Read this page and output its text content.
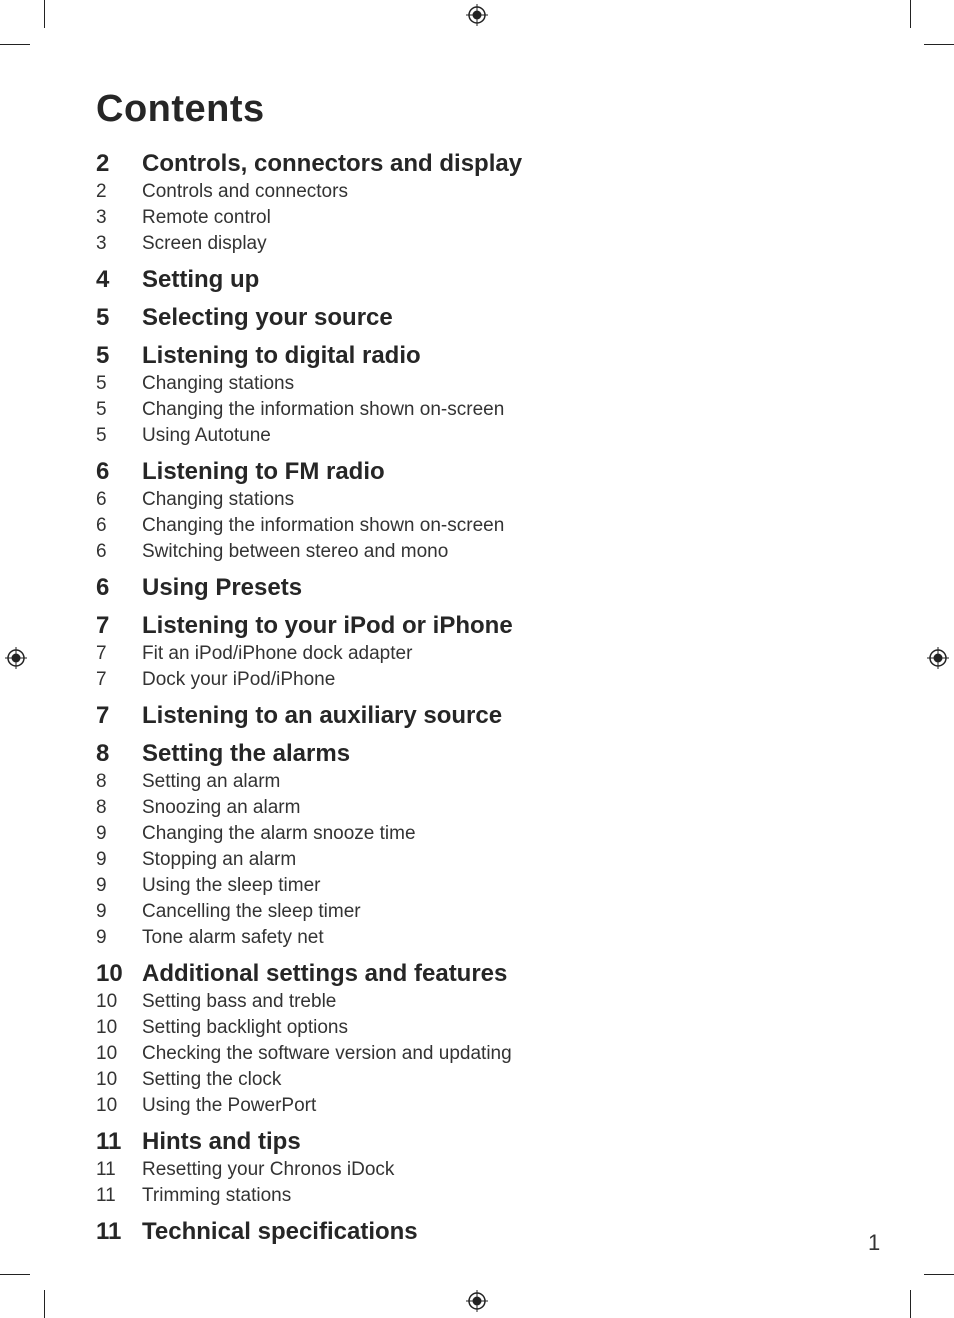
Contents
2	Controls, connectors and display
2	Controls and connectors
3	Remote control
3	Screen display
4	Setting up
5	Selecting your source
5	Listening to digital radio
5	Changing stations
5	Changing the information shown on-screen
5	Using Autotune
6	Listening to FM radio
6	Changing stations
6	Changing the information shown on-screen
6	Switching between stereo and mono
6	Using Presets
7	Listening to your iPod or iPhone
7	Fit an iPod/iPhone dock adapter
7	Dock your iPod/iPhone
7	Listening to an auxiliary source
8	Setting the alarms
8	Setting an alarm
8	Snoozing an alarm
9	Changing the alarm snooze time
9	Stopping an alarm
9	Using the sleep timer
9	Cancelling the sleep timer
9	Tone alarm safety net
10 Additional settings and features
10	Setting bass and treble
10	Setting backlight options
10	Checking the software version and updating
10	Setting the clock
10	Using the PowerPort
11 Hints and tips
11	Resetting your Chronos iDock
11	Trimming stations
11 Technical specifications	1
